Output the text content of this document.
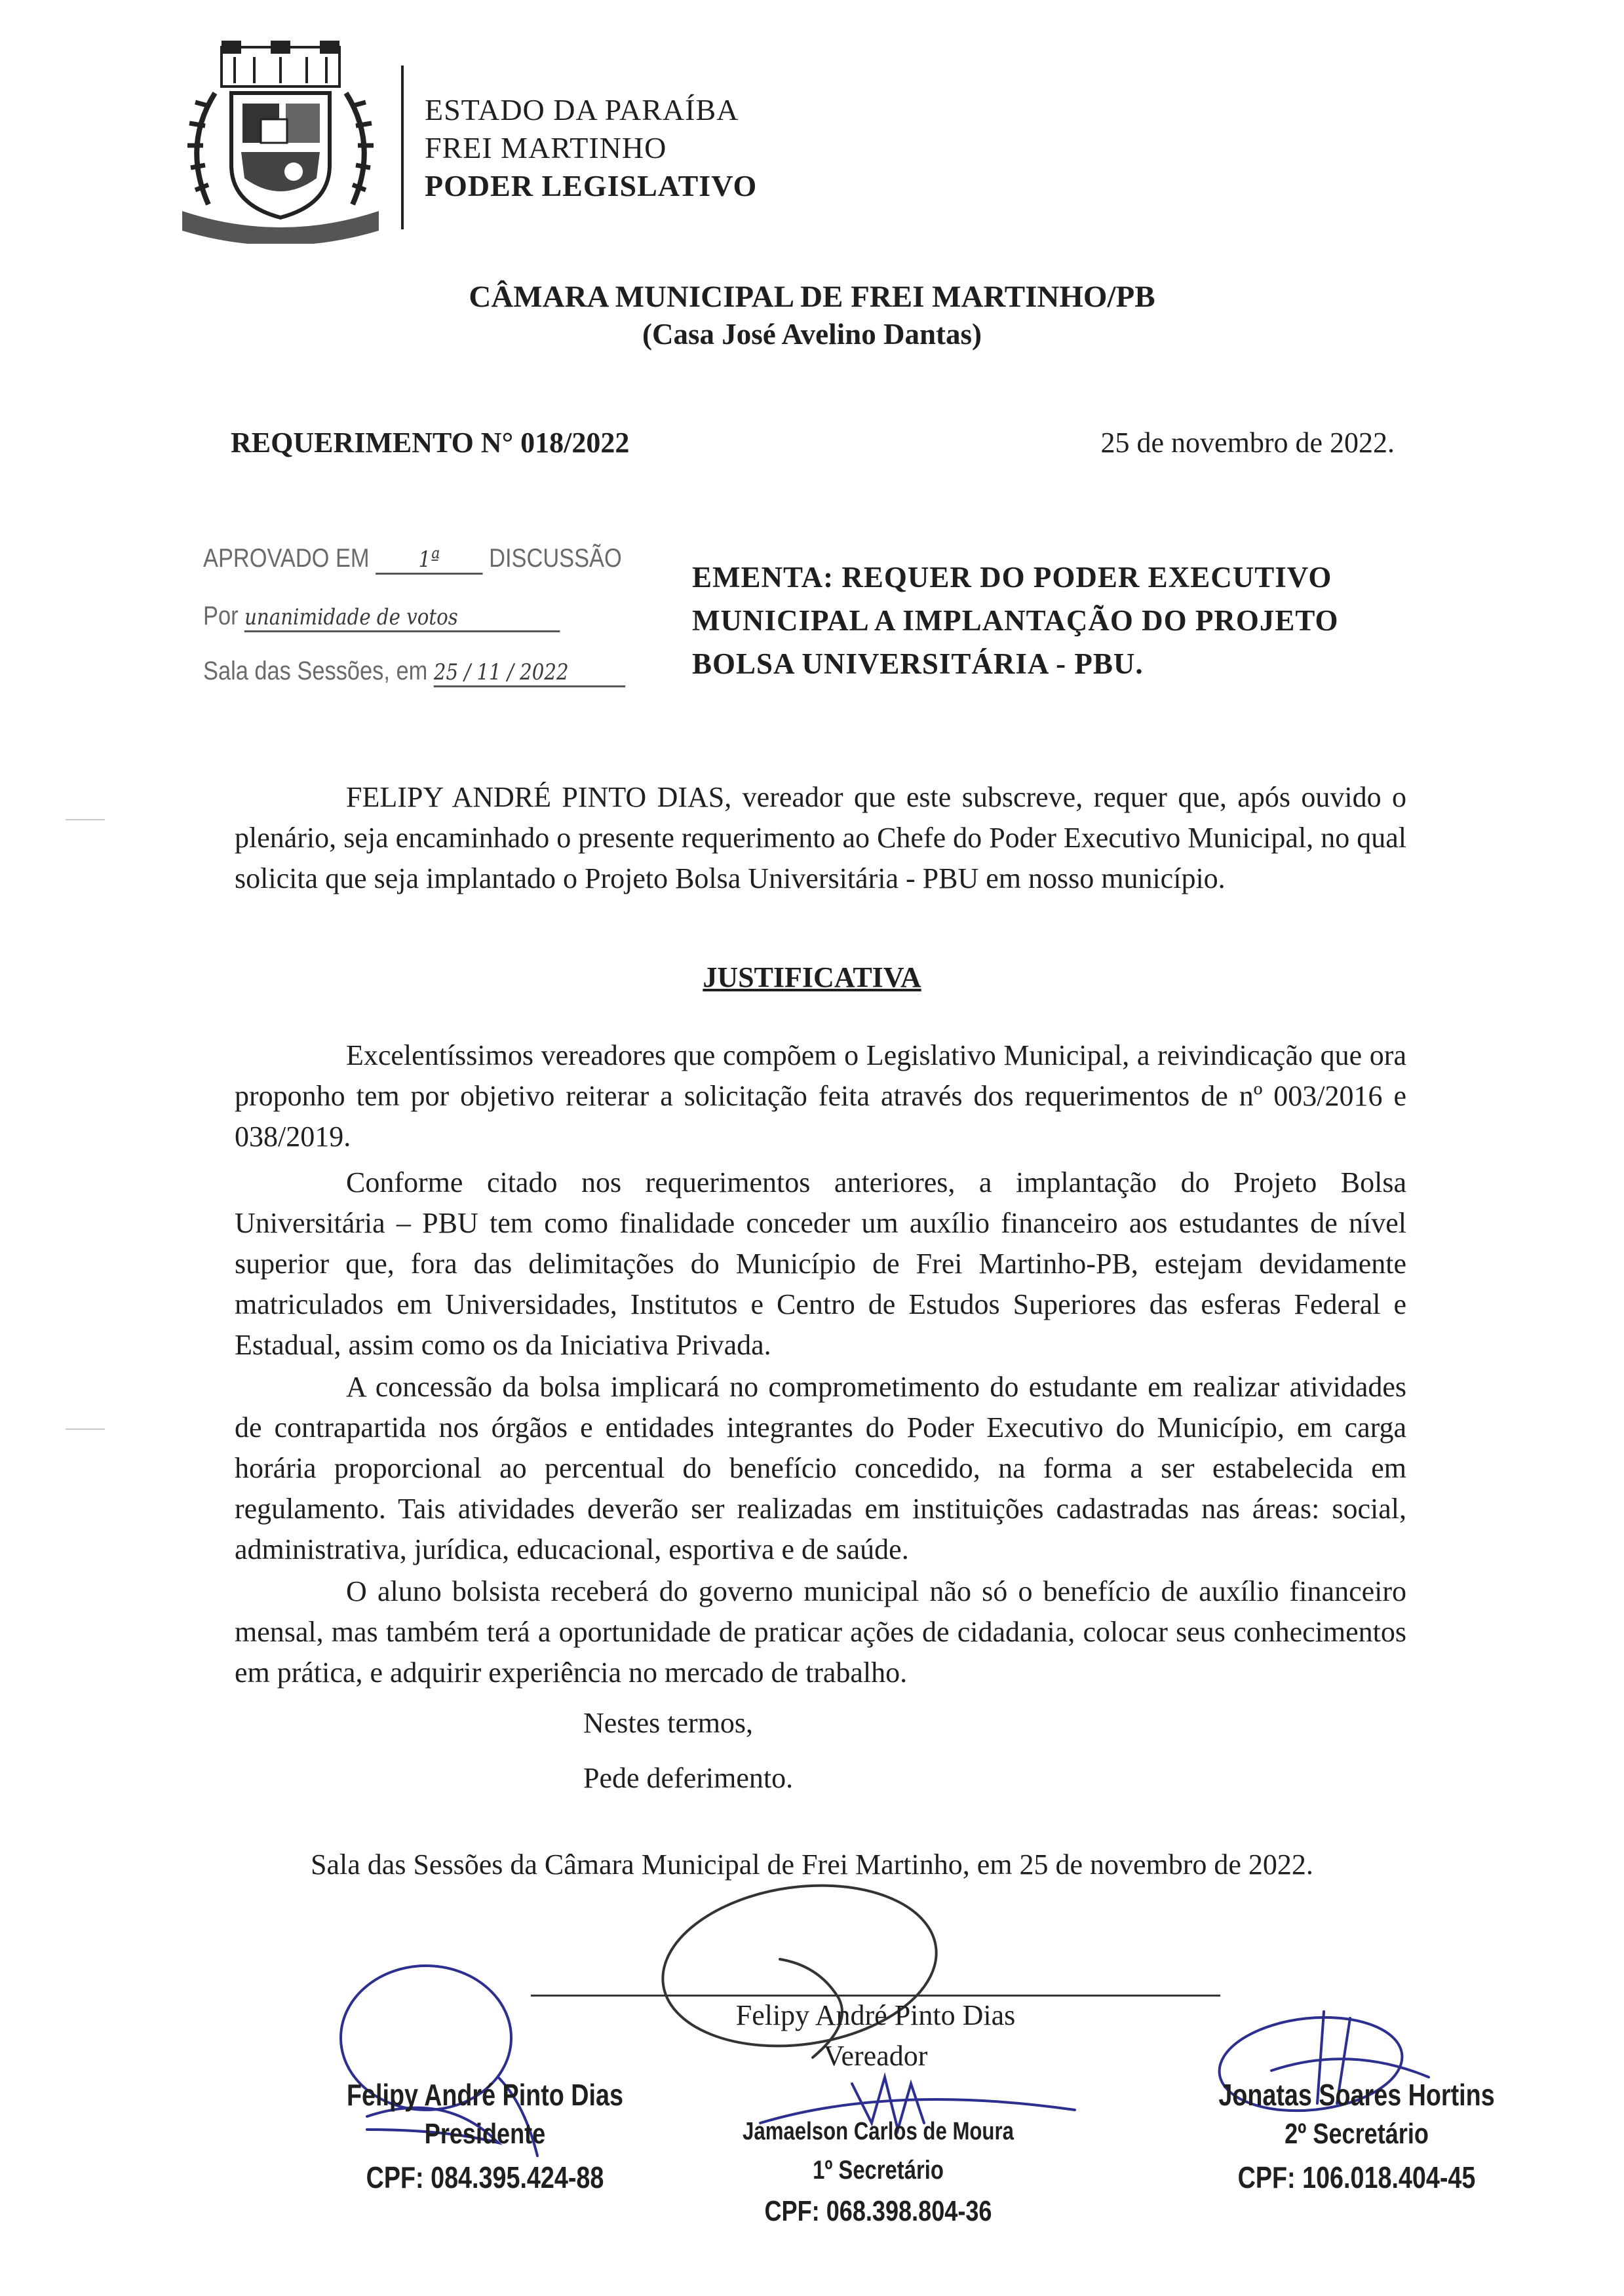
ESTADO DA PARAÍBA
FREI MARTINHO
PODER LEGISLATIVO
CÂMARA MUNICIPAL DE FREI MARTINHO/PB
(Casa José Avelino Dantas)
REQUERIMENTO N° 018/2022	25 de novembro de 2022.
APROVADO EM 1ª DISCUSSÃO
Por unanimidade de votos
Sala das Sessões, em 25 / 11 / 2022
EMENTA: REQUER DO PODER EXECUTIVO MUNICIPAL A IMPLANTAÇÃO DO PROJETO BOLSA UNIVERSITÁRIA - PBU.

FELIPY ANDRÉ PINTO DIAS, vereador que este subscreve, requer que, após ouvido o plenário, seja encaminhado o presente requerimento ao Chefe do Poder Executivo Municipal, no qual solicita que seja implantado o Projeto Bolsa Universitária - PBU em nosso município.

JUSTIFICATIVA

Excelentíssimos vereadores que compõem o Legislativo Municipal, a reivindicação que ora proponho tem por objetivo reiterar a solicitação feita através dos requerimentos de nº 003/2016 e 038/2019.

Conforme citado nos requerimentos anteriores, a implantação do Projeto Bolsa Universitária – PBU tem como finalidade conceder um auxílio financeiro aos estudantes de nível superior que, fora das delimitações do Município de Frei Martinho-PB, estejam devidamente matriculados em Universidades, Institutos e Centro de Estudos Superiores das esferas Federal e Estadual, assim como os da Iniciativa Privada.

A concessão da bolsa implicará no comprometimento do estudante em realizar atividades de contrapartida nos órgãos e entidades integrantes do Poder Executivo do Município, em carga horária proporcional ao percentual do benefício concedido, na forma a ser estabelecida em regulamento. Tais atividades deverão ser realizadas em instituições cadastradas nas áreas: social, administrativa, jurídica, educacional, esportiva e de saúde.

O aluno bolsista receberá do governo municipal não só o benefício de auxílio financeiro mensal, mas também terá a oportunidade de praticar ações de cidadania, colocar seus conhecimentos em prática, e adquirir experiência no mercado de trabalho.

Nestes termos,
Pede deferimento.
Sala das Sessões da Câmara Municipal de Frei Martinho, em 25 de novembro de 2022.
Felipy André Pinto Dias
Vereador
Felipy André Pinto Dias
Presidente
CPF: 084.395.424-88
Jamaelson Carlos de Moura
1º Secretário
CPF: 068.398.804-36
Jonatas Soares Hortins
2º Secretário
CPF: 106.018.404-45
